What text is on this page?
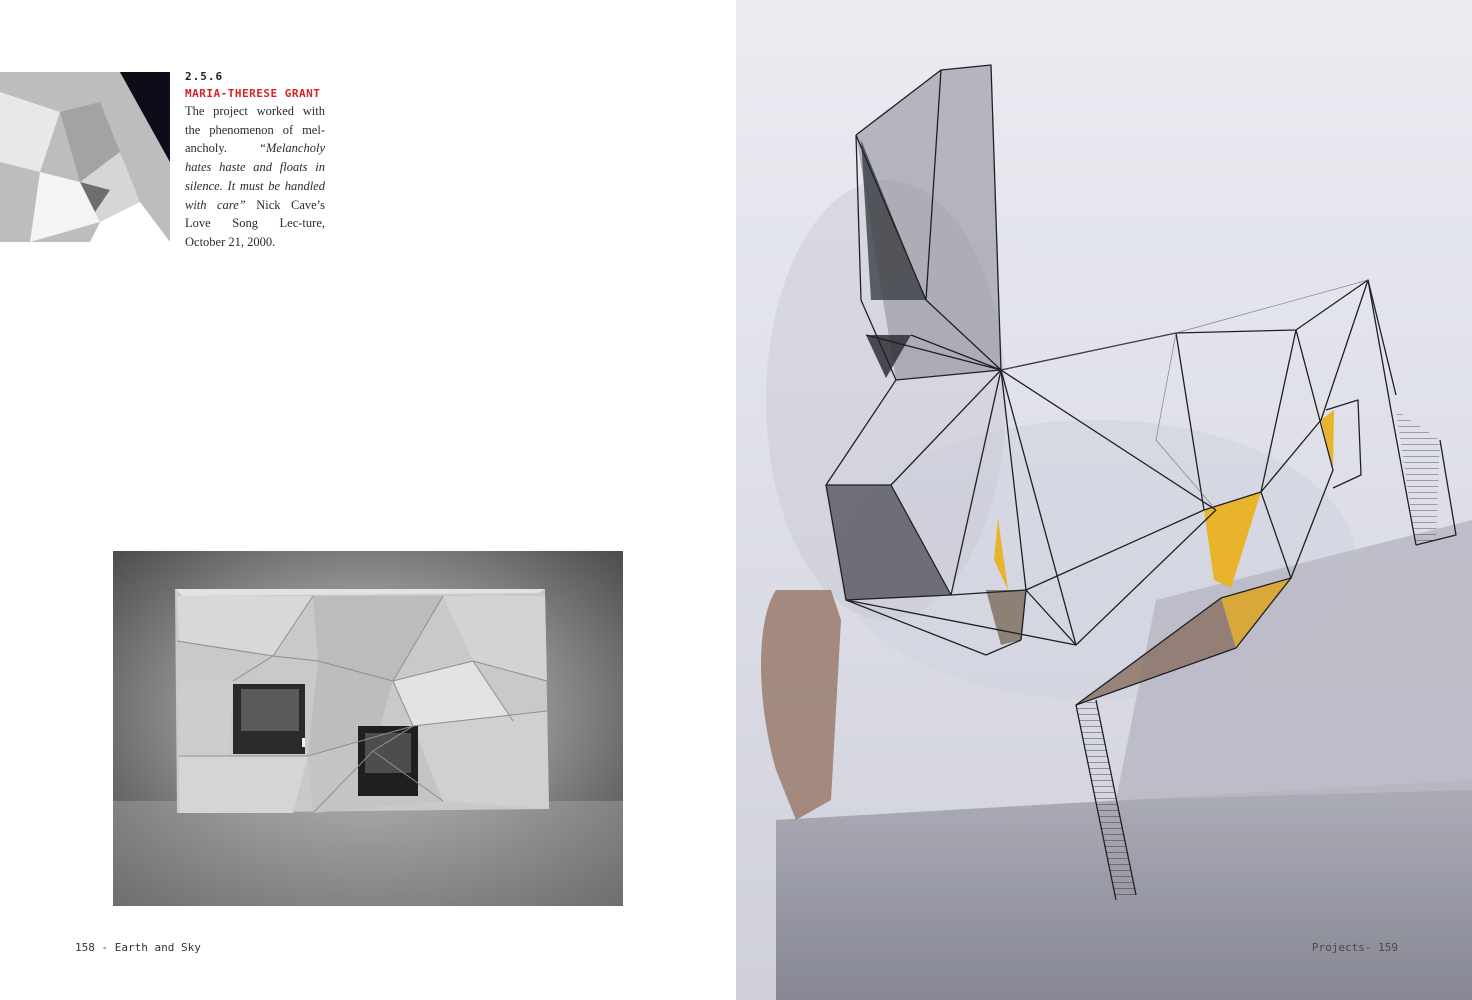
2.5.6

MARIA-THERESE GRANT

The project worked with the phenomenon of mel-ancholy.	“Melancholy hates haste and floats in silence. It must be handled with care” Nick Cave’s Love Song Lec-ture, October 21, 2000.

158 - Earth and Sky	Projects- 159
